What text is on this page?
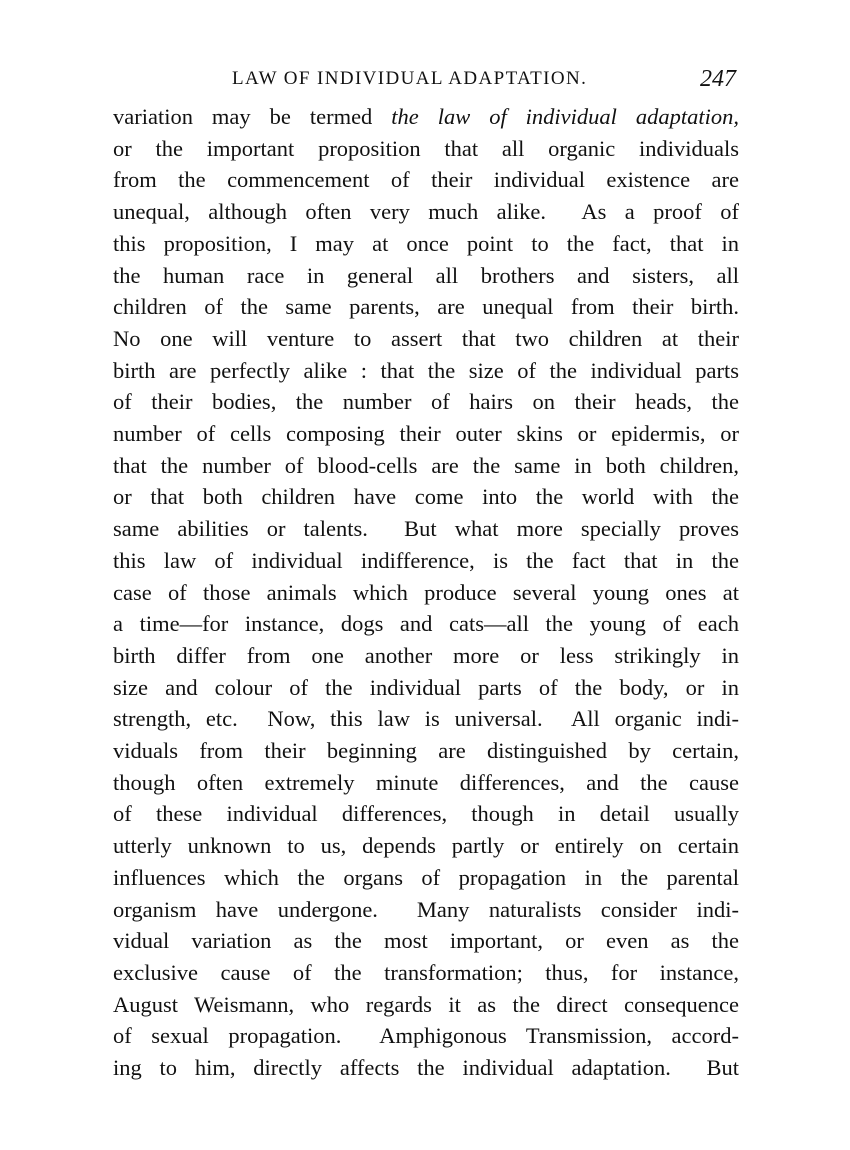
LAW OF INDIVIDUAL ADAPTATION.	247
variation may be termed the law of individual adaptation,
or the important proposition that all organic individuals
from the commencement of their individual existence are
unequal, although often very much alike.  As a proof of
this proposition, I may at once point to the fact, that in
the human race in general all brothers and sisters, all
children of the same parents, are unequal from their birth.
No one will venture to assert that two children at their
birth are perfectly alike : that the size of the individual parts
of their bodies, the number of hairs on their heads, the
number of cells composing their outer skins or epidermis, or
that the number of blood-cells are the same in both children,
or that both children have come into the world with the
same abilities or talents.  But what more specially proves
this law of individual indifference, is the fact that in the
case of those animals which produce several young ones at
a time—for instance, dogs and cats—all the young of each
birth differ from one another more or less strikingly in
size and colour of the individual parts of the body, or in
strength, etc.  Now, this law is universal.  All organic indi-
viduals from their beginning are distinguished by certain,
though often extremely minute differences, and the cause
of these individual differences, though in detail usually
utterly unknown to us, depends partly or entirely on certain
influences which the organs of propagation in the parental
organism have undergone.  Many naturalists consider indi-
vidual variation as the most important, or even as the
exclusive cause of the transformation; thus, for instance,
August Weismann, who regards it as the direct consequence
of sexual propagation.  Amphigonous Transmission, accord-
ing to him, directly affects the individual adaptation.  But
